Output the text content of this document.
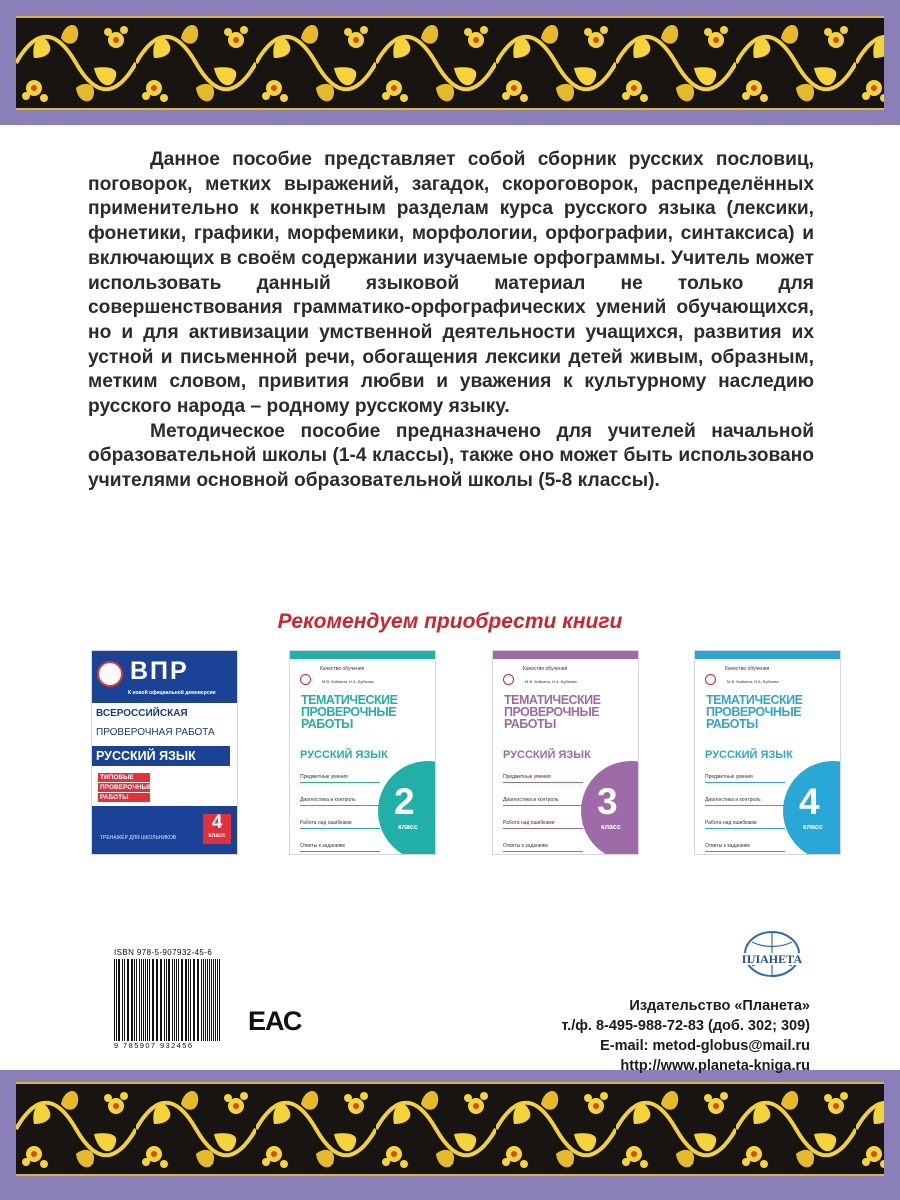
Данное пособие представляет собой сборник русских пословиц, поговорок, метких выражений, загадок, скороговорок, распределённых применительно к конкретным разделам курса русского языка (лексики, фонетики, графики, морфемики, морфологии, орфографии, синтаксиса) и включающих в своём содержании изучаемые орфограммы. Учитель может использовать данный языковой материал не только для совершенствования грамматико-орфографических умений обучающихся, но и для активизации умственной деятельности учащихся, развития их устной и письменной речи, обогащения лексики детей живым, образным, метким словом, привития любви и уважения к культурному наследию русского народа – родному русскому языку.

Методическое пособие предназначено для учителей начальной образовательной школы (1-4 классы), также оно может быть использовано учителями основной образовательной школы (5-8 классы).

Рекомендуем приобрести книги
ВПР
К новой официальной демоверсии
ВСЕРОССИЙСКАЯ
ПРОВЕРОЧНАЯ РАБОТА
РУССКИЙ ЯЗЫК
ТИПОВЫЕ
ПРОВЕРОЧНЫЕ
РАБОТЫ
ТРЕНАЖЁР ДЛЯ ШКОЛЬНИКОВ
4
класс
Качество обучения
М.В. Бойкина, И.А. Бубнова
ТЕМАТИЧЕСКИЕ ПРОВЕРОЧНЫЕ РАБОТЫ
РУССКИЙ ЯЗЫК
Предметные умения
Диагностика и контроль
Работа над ошибками
Ответы к заданиям
2
класс
Качество обучения
М.В. Бойкина, И.А. Бубнова
ТЕМАТИЧЕСКИЕ ПРОВЕРОЧНЫЕ РАБОТЫ
РУССКИЙ ЯЗЫК
Предметные умения
Диагностика и контроль
Работа над ошибками
Ответы к заданиям
3
класс
Качество обучения
М.В. Бойкина, И.А. Бубнова
ТЕМАТИЧЕСКИЕ ПРОВЕРОЧНЫЕ РАБОТЫ
РУССКИЙ ЯЗЫК
Предметные умения
Диагностика и контроль
Работа над ошибками
Ответы к заданиям
4
класс
ISBN 978-5-907932-45-6
9 785907 932456
ЕАС
ПЛАНЕТА
Издательство «Планета»
т./ф. 8-495-988-72-83 (доб. 302; 309)
E-mail: metod-globus@mail.ru
http://www.planeta-kniga.ru
